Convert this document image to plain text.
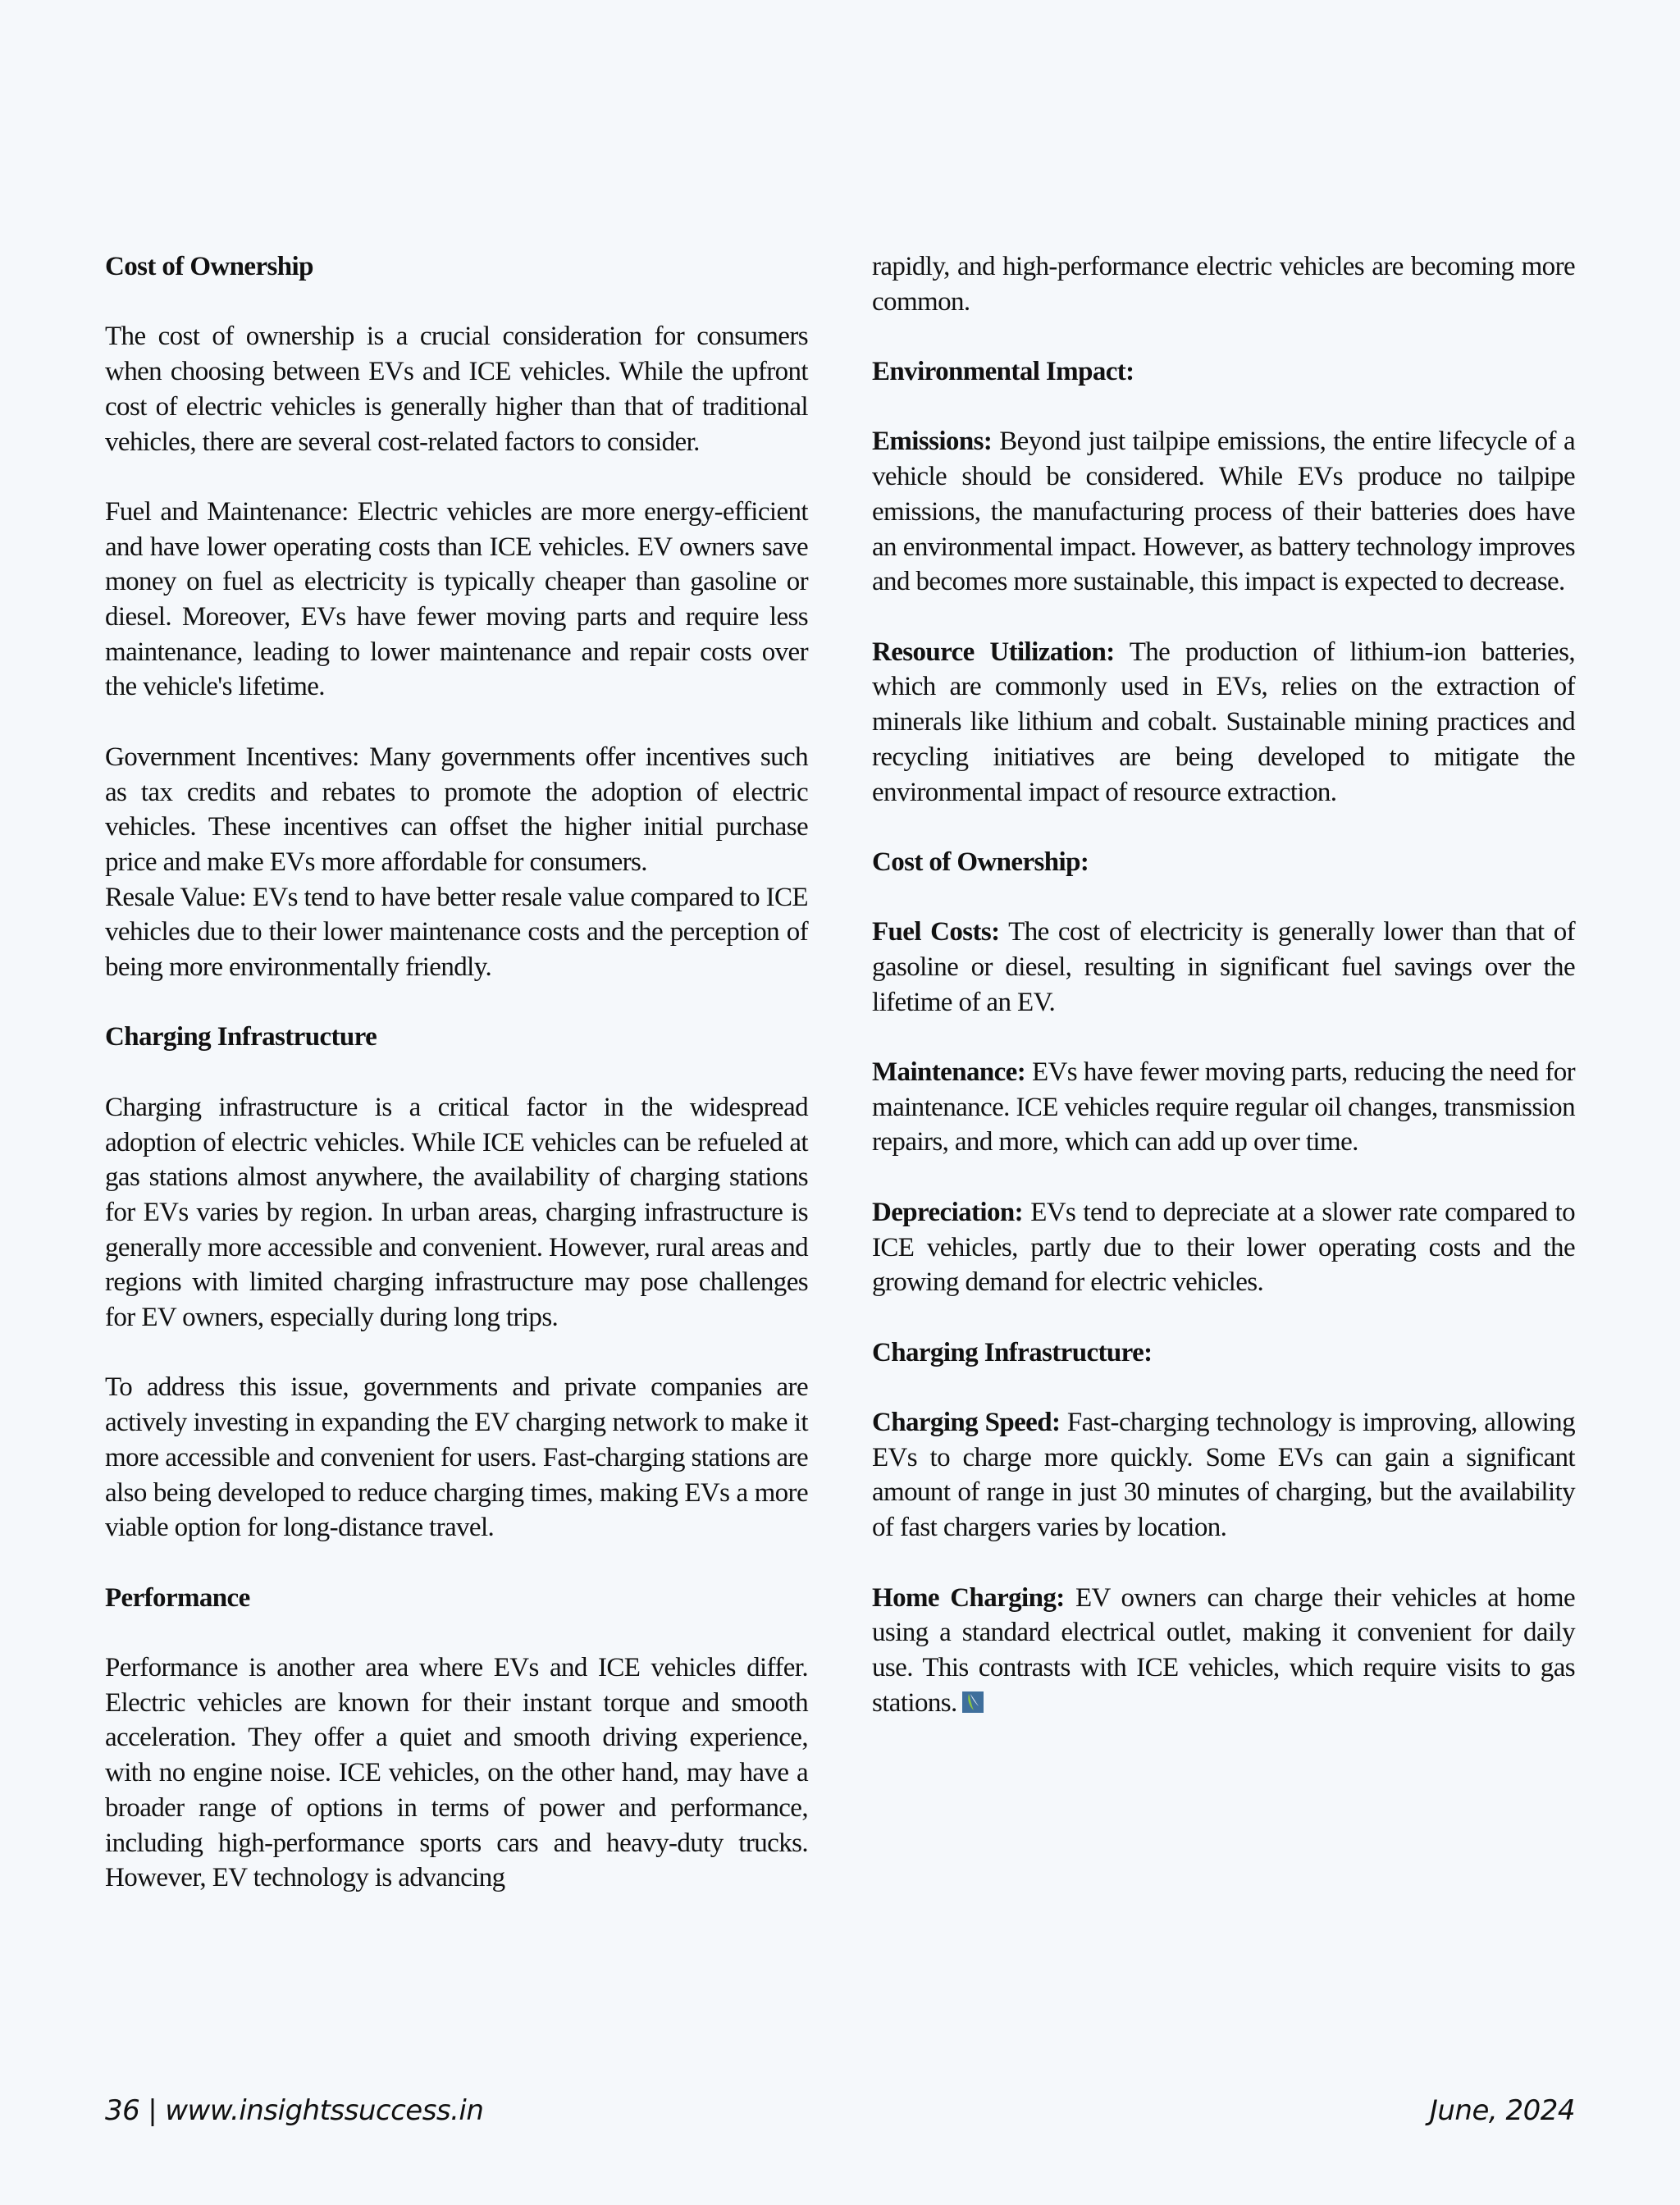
Cost of Ownership

The cost of ownership is a crucial consideration for consumers when choosing between EVs and ICE vehicles. While the upfront cost of electric vehicles is generally higher than that of traditional vehicles, there are several cost-related factors to consider.

Fuel and Maintenance: Electric vehicles are more energy-efficient and have lower operating costs than ICE vehicles. EV owners save money on fuel as electricity is typically cheaper than gasoline or diesel. Moreover, EVs have fewer moving parts and require less maintenance, leading to lower maintenance and repair costs over the vehicle's lifetime.

Government Incentives: Many governments offer incentives such as tax credits and rebates to promote the adoption of electric vehicles. These incentives can offset the higher initial purchase price and make EVs more affordable for consumers.

Resale Value: EVs tend to have better resale value compared to ICE vehicles due to their lower maintenance costs and the perception of being more environmentally friendly.

Charging Infrastructure

Charging infrastructure is a critical factor in the widespread adoption of electric vehicles. While ICE vehicles can be refueled at gas stations almost anywhere, the availability of charging stations for EVs varies by region. In urban areas, charging infrastructure is generally more accessible and convenient. However, rural areas and regions with limited charging infrastructure may pose challenges for EV owners, especially during long trips.

To address this issue, governments and private companies are actively investing in expanding the EV charging network to make it more accessible and convenient for users. Fast-charging stations are also being developed to reduce charging times, making EVs a more viable option for long-distance travel.

Performance

Performance is another area where EVs and ICE vehicles differ. Electric vehicles are known for their instant torque and smooth acceleration. They offer a quiet and smooth driving experience, with no engine noise. ICE vehicles, on the other hand, may have a broader range of options in terms of power and performance, including high-performance sports cars and heavy-duty trucks. However, EV technology is advancing

rapidly, and high-performance electric vehicles are becoming more common.

Environmental Impact:

Emissions: Beyond just tailpipe emissions, the entire lifecycle of a vehicle should be considered. While EVs produce no tailpipe emissions, the manufacturing process of their batteries does have an environmental impact. However, as battery technology improves and becomes more sustainable, this impact is expected to decrease.

Resource Utilization: The production of lithium-ion batteries, which are commonly used in EVs, relies on the extraction of minerals like lithium and cobalt. Sustainable mining practices and recycling initiatives are being developed to mitigate the environmental impact of resource extraction.

Cost of Ownership:

Fuel Costs: The cost of electricity is generally lower than that of gasoline or diesel, resulting in significant fuel savings over the lifetime of an EV.

Maintenance: EVs have fewer moving parts, reducing the need for maintenance. ICE vehicles require regular oil changes, transmission repairs, and more, which can add up over time.

Depreciation: EVs tend to depreciate at a slower rate compared to ICE vehicles, partly due to their lower operating costs and the growing demand for electric vehicles.

Charging Infrastructure:

Charging Speed: Fast-charging technology is improving, allowing EVs to charge more quickly. Some EVs can gain a significant amount of range in just 30 minutes of charging, but the availability of fast chargers varies by location.

Home Charging: EV owners can charge their vehicles at home using a standard electrical outlet, making it convenient for daily use. This contrasts with ICE vehicles, which require visits to gas stations.

36 | www.insightssuccess.in	June, 2024
